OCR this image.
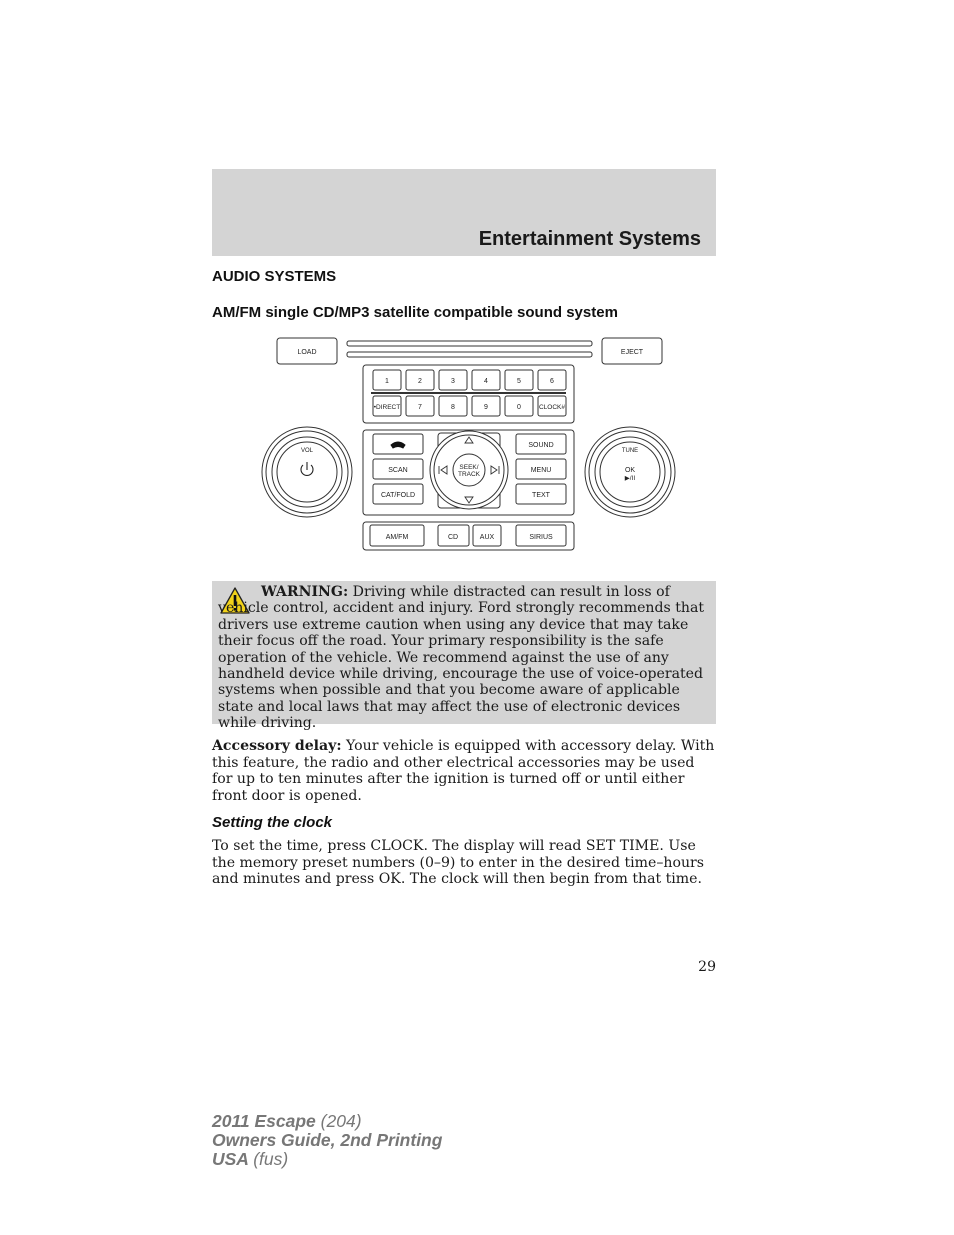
Entertainment Systems
AUDIO SYSTEMS
AM/FM single CD/MP3 satellite compatible sound system
1	2	3	4	5	6
•DIRECT	7	8	9	0	CLOCK#
LOAD	EJECT
SCAN
CAT/FOLD
SOUND
MENU
TEXT
SEEK/
TRACK
VOL	TUNE
OK
▶/II
AM/FM	CD	AUX	SIRIUS
WARNING: Driving while distracted can result in loss of vehicle control, accident and injury. Ford strongly recommends that drivers use extreme caution when using any device that may take their focus off the road. Your primary responsibility is the safe operation of the vehicle. We recommend against the use of any handheld device while driving, encourage the use of voice-operated systems when possible and that you become aware of applicable state and local laws that may affect the use of electronic devices while driving.
Accessory delay: Your vehicle is equipped with accessory delay. With this feature, the radio and other electrical accessories may be used for up to ten minutes after the ignition is turned off or until either front door is opened.
Setting the clock
To set the time, press CLOCK. The display will read SET TIME. Use the memory preset numbers (0–9) to enter in the desired time–hours and minutes and press OK. The clock will then begin from that time.
29
2011 Escape (204)
Owners Guide, 2nd Printing
USA (fus)
